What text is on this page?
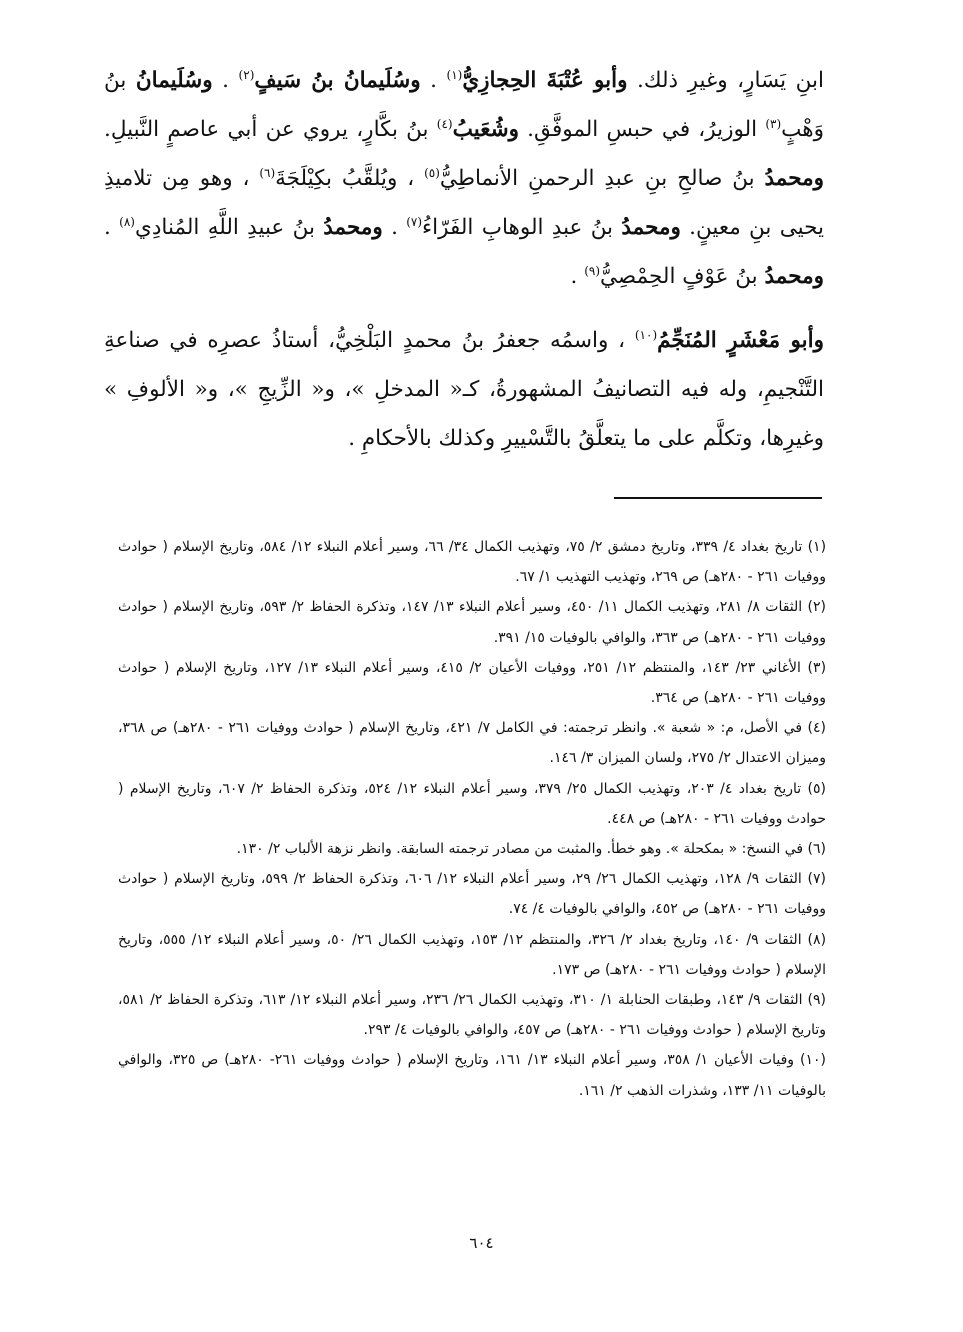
ابنِ يَسَارٍ، وغيرِ ذلك. وأبو عُتْبَةَ الحِجازِيُّ$^{(١)}$ . وسُلَيمانُ بنُ سَيفٍ$^{(٢)}$ . وسُلَيمانُ بنُ وَهْبٍ$^{(٣)}$ الوزيرُ، في حبسِ الموفَّقِ. وشُعَيبُ$^{(٤)}$ بنُ بكَّارٍ، يروي عن أبي عاصمٍ النَّبيلِ. ومحمدُ بنُ صالحِ بنِ عبدِ الرحمنِ الأنماطِيُّ$^{(٥)}$ ، ويُلقَّبُ بكِيْلَجَةَ$^{(٦)}$ ، وهو مِن تلاميذِ يحيى بنِ معينٍ. ومحمدُ بنُ عبدِ الوهابِ الفَرّاءُ$^{(٧)}$ . ومحمدُ بنُ عبيدِ اللَّهِ المُنادِي$^{(٨)}$ . ومحمدُ بنُ عَوْفٍ الحِمْصِيُّ$^{(٩)}$ .

وأبو مَعْشَرٍ المُنَجِّمُ$^{(١٠)}$ ، واسمُه جعفرُ بنُ محمدٍ البَلْخِيُّ، أستاذُ عصرِه في صناعةِ التَّنْجيمِ، وله فيه التصانيفُ المشهورةُ، كـ« المدخلِ »، و« الزِّيجِ »، و« الألوفِ » وغيرِها، وتكلَّم على ما يتعلَّقُ بالتَّسْييرِ وكذلك بالأحكامِ .

(١) تاريخ بغداد ٤/ ٣٣٩، وتاريخ دمشق ٢/ ٧٥، وتهذيب الكمال ٣٤/ ٦٦، وسير أعلام النبلاء ١٢/ ٥٨٤، وتاريخ الإسلام ( حوادث ووفيات ٢٦١ - ٢٨٠هـ) ص ٢٦٩، وتهذيب التهذيب ١/ ٦٧.

(٢) الثقات ٨/ ٢٨١، وتهذيب الكمال ١١/ ٤٥٠، وسير أعلام النبلاء ١٣/ ١٤٧، وتذكرة الحفاظ ٢/ ٥٩٣، وتاريخ الإسلام ( حوادث ووفيات ٢٦١ - ٢٨٠هـ) ص ٣٦٣، والوافي بالوفيات ١٥/ ٣٩١.

(٣) الأغاني ٢٣/ ١٤٣، والمنتظم ١٢/ ٢٥١، ووفيات الأعيان ٢/ ٤١٥، وسير أعلام النبلاء ١٣/ ١٢٧، وتاريخ الإسلام ( حوادث ووفيات ٢٦١ - ٢٨٠هـ) ص ٣٦٤.

(٤) في الأصل، م: « شعبة ». وانظر ترجمته: في الكامل ٧/ ٤٢١، وتاريخ الإسلام ( حوادث ووفيات ٢٦١ - ٢٨٠هـ) ص ٣٦٨، وميزان الاعتدال ٢/ ٢٧٥، ولسان الميزان ٣/ ١٤٦.

(٥) تاريخ بغداد ٤/ ٢٠٣، وتهذيب الكمال ٢٥/ ٣٧٩، وسير أعلام النبلاء ١٢/ ٥٢٤، وتذكرة الحفاظ ٢/ ٦٠٧، وتاريخ الإسلام ( حوادث ووفيات ٢٦١ - ٢٨٠هـ) ص ٤٤٨.

(٦) في النسخ: « بمكحلة ». وهو خطأ. والمثبت من مصادر ترجمته السابقة. وانظر نزهة الألباب ٢/ ١٣٠.

(٧) الثقات ٩/ ١٢٨، وتهذيب الكمال ٢٦/ ٢٩، وسير أعلام النبلاء ١٢/ ٦٠٦، وتذكرة الحفاظ ٢/ ٥٩٩، وتاريخ الإسلام ( حوادث ووفيات ٢٦١ - ٢٨٠هـ) ص ٤٥٢، والوافي بالوفيات ٤/ ٧٤.

(٨) الثقات ٩/ ١٤٠، وتاريخ بغداد ٢/ ٣٢٦، والمنتظم ١٢/ ١٥٣، وتهذيب الكمال ٢٦/ ٥٠، وسير أعلام النبلاء ١٢/ ٥٥٥، وتاريخ الإسلام ( حوادث ووفيات ٢٦١ - ٢٨٠هـ) ص ١٧٣.

(٩) الثقات ٩/ ١٤٣، وطبقات الحنابلة ١/ ٣١٠، وتهذيب الكمال ٢٦/ ٢٣٦، وسير أعلام النبلاء ١٢/ ٦١٣، وتذكرة الحفاظ ٢/ ٥٨١، وتاريخ الإسلام ( حوادث ووفيات ٢٦١ - ٢٨٠هـ) ص ٤٥٧، والوافي بالوفيات ٤/ ٢٩٣.

(١٠) وفيات الأعيان ١/ ٣٥٨، وسير أعلام النبلاء ١٣/ ١٦١، وتاريخ الإسلام ( حوادث ووفيات ٢٦١- ٢٨٠هـ) ص ٣٢٥، والوافي بالوفيات ١١/ ١٣٣، وشذرات الذهب ٢/ ١٦١.

٦٠٤
